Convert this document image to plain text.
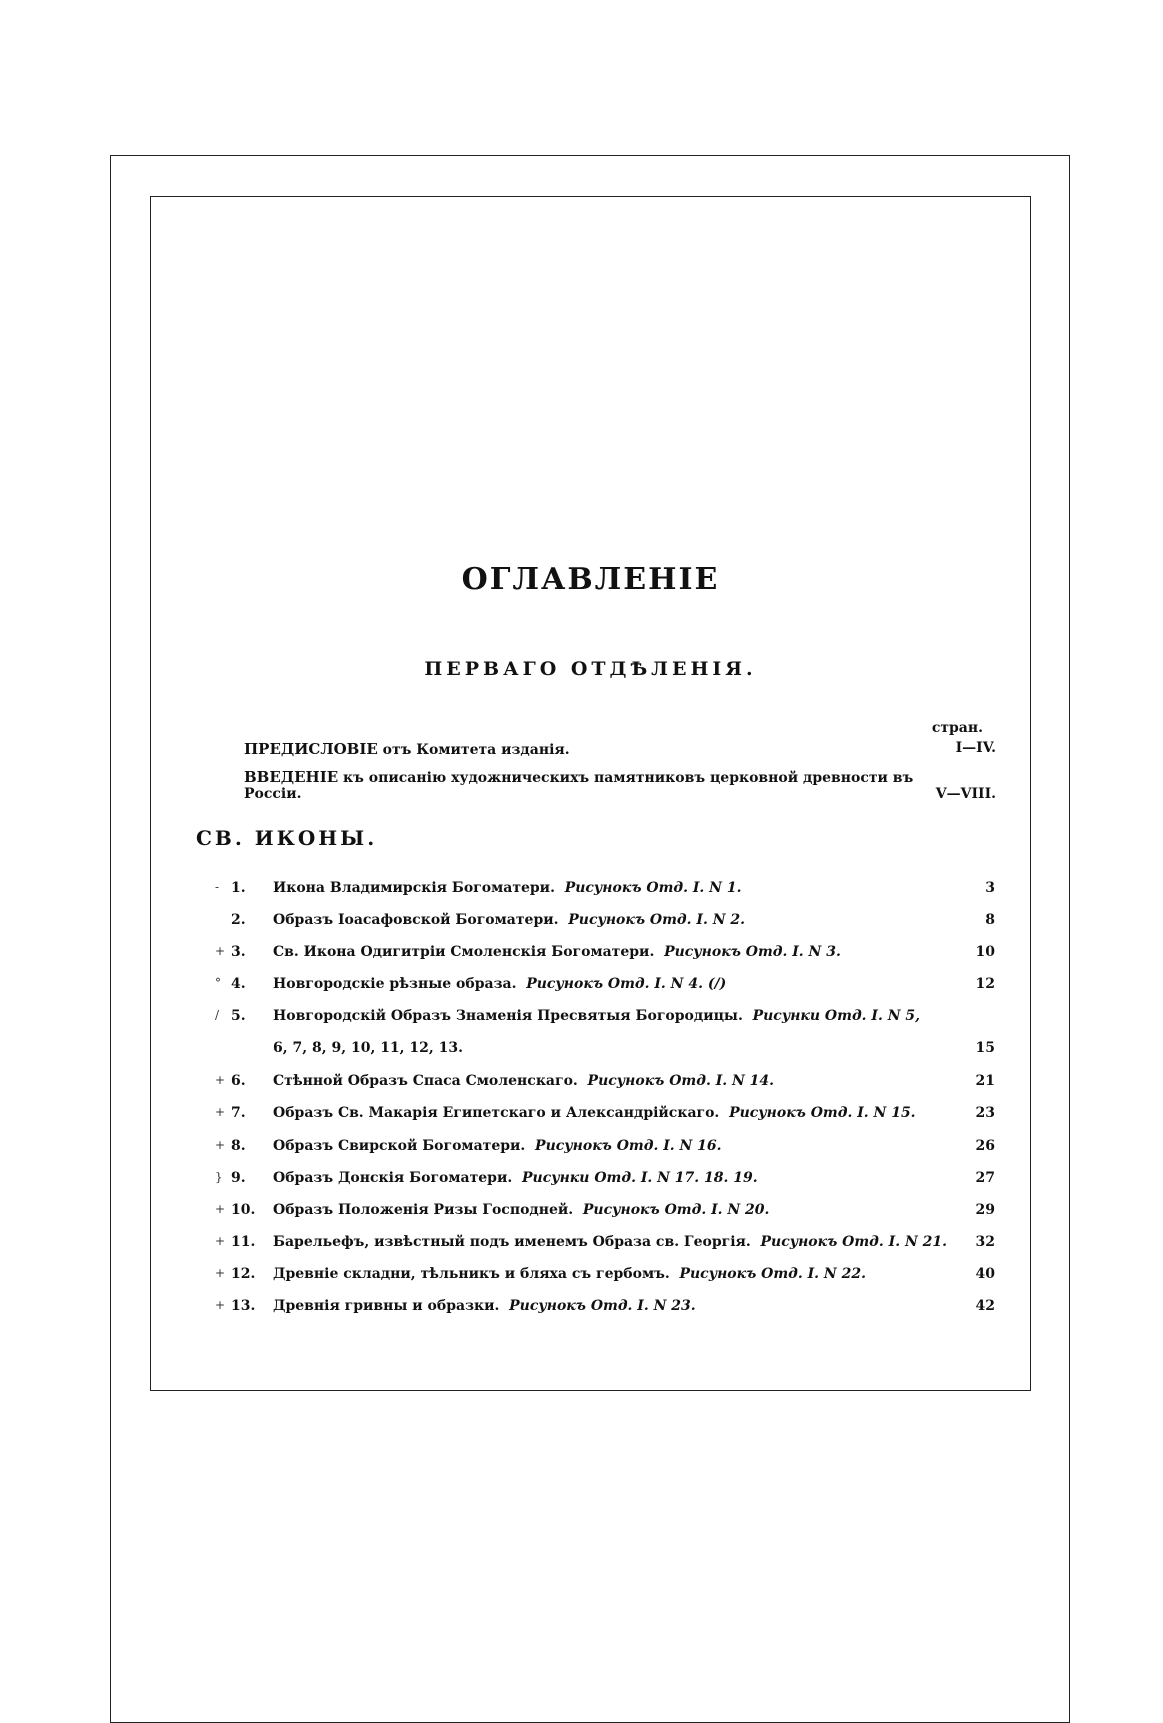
ОГЛАВЛЕНІЕ
ПЕРВАГО ОТДѢЛЕНІЯ.
стран.
ПРЕДИСЛОВІЕ отъ Комитета изданія.	I—IV.
ВВЕДЕНІЕ къ описанію художническихъ памятниковъ церковной древности въ
Россіи.	V—VIII.
СВ. ИКОНЫ.
- 1.	Икона Владимирскія Богоматери. Рисунокъ Отд. I. N 1.	3
2.	Образъ Іоасафовской Богоматери. Рисунокъ Отд. I. N 2.	8
+ 3.	Св. Икона Одигитріи Смоленскія Богоматери. Рисунокъ Отд. I. N 3.	10
° 4.	Новгородскіе рѣзные образа. Рисунокъ Отд. I. N 4. (/)	12
/ 5.	Новгородскій Образъ Знаменія Пресвятыя Богородицы. Рисунки Отд. I. N 5,
6, 7, 8, 9, 10, 11, 12, 13.	15
+ 6.	Стѣнной Образъ Спаса Смоленскаго. Рисунокъ Отд. I. N 14.	21
+ 7.	Образъ Св. Макарія Египетскаго и Александрійскаго. Рисунокъ Отд. I. N 15.	23
+ 8.	Образъ Свирской Богоматери. Рисунокъ Отд. I. N 16.	26
} 9.	Образъ Донскія Богоматери. Рисунки Отд. I. N 17. 18. 19.	27
+ 10.	Образъ Положенія Ризы Господней. Рисунокъ Отд. I. N 20.	29
+ 11.	Барельефъ, извѣстный подъ именемъ Образа св. Георгія. Рисунокъ Отд. I. N 21. 32
+ 12.	Древніе складни, тѣльникъ и бляха съ гербомъ. Рисунокъ Отд. I. N 22.	40
+ 13.	Древнія гривны и образки. Рисунокъ Отд. I. N 23.	42
